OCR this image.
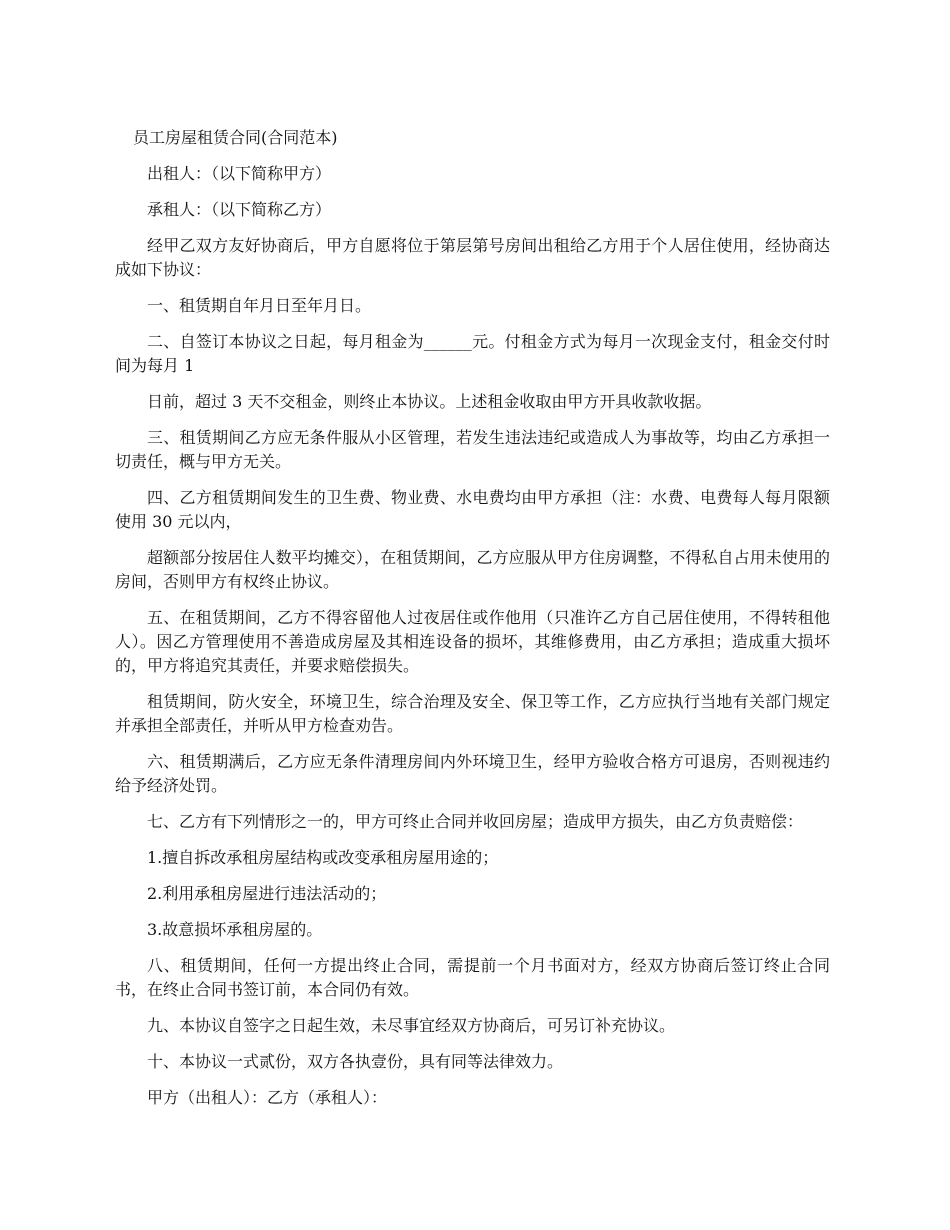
员工房屋租赁合同(合同范本)

出租人：（以下简称甲方）

承租人：（以下简称乙方）

经甲乙双方友好协商后，甲方自愿将位于第层第号房间出租给乙方用于个人居住使用，经协商达成如下协议：

一、租赁期自年月日至年月日。

二、自签订本协议之日起，每月租金为______元。付租金方式为每月一次现金支付，租金交付时间为每月 1

日前，超过 3 天不交租金，则终止本协议。上述租金收取由甲方开具收款收据。

三、租赁期间乙方应无条件服从小区管理，若发生违法违纪或造成人为事故等，均由乙方承担一切责任，概与甲方无关。

四、乙方租赁期间发生的卫生费、物业费、水电费均由甲方承担（注：水费、电费每人每月限额使用 30 元以内，

超额部分按居住人数平均摊交），在租赁期间，乙方应服从甲方住房调整，不得私自占用未使用的房间，否则甲方有权终止协议。

五、在租赁期间，乙方不得容留他人过夜居住或作他用（只准许乙方自己居住使用，不得转租他人）。因乙方管理使用不善造成房屋及其相连设备的损坏，其维修费用，由乙方承担；造成重大损坏的，甲方将追究其责任，并要求赔偿损失。

租赁期间，防火安全，环境卫生，综合治理及安全、保卫等工作，乙方应执行当地有关部门规定并承担全部责任，并听从甲方检查劝告。

六、租赁期满后，乙方应无条件清理房间内外环境卫生，经甲方验收合格方可退房，否则视违约给予经济处罚。

七、乙方有下列情形之一的，甲方可终止合同并收回房屋；造成甲方损失，由乙方负责赔偿：

1.擅自拆改承租房屋结构或改变承租房屋用途的；

2.利用承租房屋进行违法活动的；

3.故意损坏承租房屋的。

八、租赁期间，任何一方提出终止合同，需提前一个月书面对方，经双方协商后签订终止合同书，在终止合同书签订前，本合同仍有效。

九、本协议自签字之日起生效，未尽事宜经双方协商后，可另订补充协议。

十、本协议一式贰份，双方各执壹份，具有同等法律效力。

甲方（出租人）：乙方（承租人）：
